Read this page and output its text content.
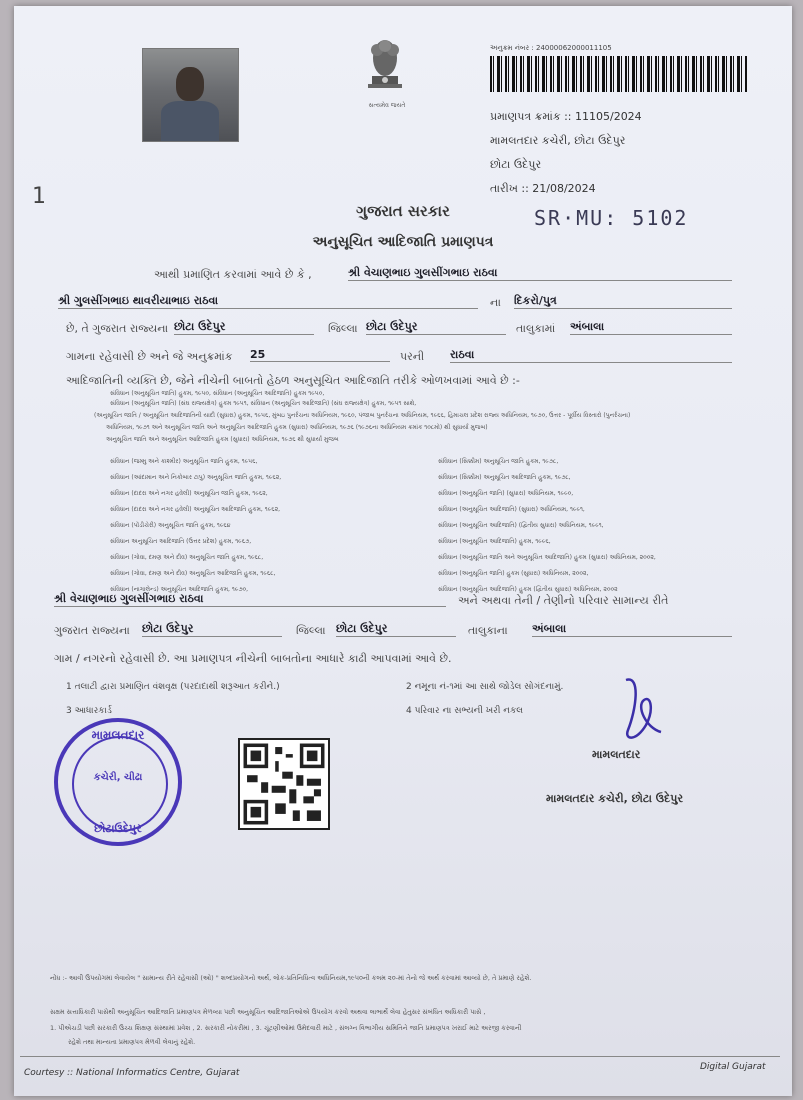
સત્યમેવ જયતે
અનુક્રમ નંબર : 24000062000011105
પ્રમાણપત્ર ક્રમાંક :: 11105/2024
મામલતદાર કચેરી, છોટા ઉદેપુર
છોટા ઉદેપુર
તારીખ :: 21/08/2024
SR·MU: 5102
1
ગુજરાત સરકાર
અનુસૂચિત આદિજાતિ પ્રમાણપત્ર
આથી પ્રમાણિત કરવામાં આવે છે કે ,	શ્રી વેચાણભાઇ ગુલસીંગભાઇ રાઠવા
શ્રી ગુલસીંગભાઇ થાવરીયાભાઇ રાઠવા	ના દિકરો/પુત્ર
છે, તે ગુજરાત રાજ્યના છોટા ઉદેપુર	જિલ્લા છોટા ઉદેપુર	તાલુકામાં અંબાલા
ગામના રહેવાસી છે અને જે અનુક્રમાંક 25	પરની રાઠવા
આદિજાતિની વ્યક્તિ છે, જેને નીચેની બાબતો હેઠળ અનુસૂચિત આદિજાતિ તરીકે ઓળખવામાં આવે છે :-
સંવિધાન (અનુસૂચિત જાતિ) હુકમ, ૧૯૫૦, સંવિધાન (અનુસૂચિત આદિજાતિ) હુકમ ૧૯૫૦,
સંવિધાન (અનુસૂચિત જાતિ) (સંઘ રાજ્યક્ષેત્ર) હુકમ ૧૯૫૧, સંવિધાન (અનુસૂચિત આદિજાતિ) (સંઘ રાજ્યક્ષેત્ર) હુકમ, ૧૯૫૧ સાથે,
(અનુસૂચિત જાતિ / અનુસૂચિત આદિજાતિની યાદી (સુધારા) હુકમ, ૧૯૫૬, મુંબઇ પુનર્રચના અધિનિયમ, ૧૯૬૦, પંજાબ પુનર્રચના અધિનિયમ, ૧૯૬૬, હિમાચલ પ્રદેશ રાજ્ય અધિનિયમ, ૧૯૭૦, ઉત્તર - પૂર્વીય વિસ્તારો (પુનર્રચના)
અધિનિયમ, ૧૯૭૧ અને અનુસૂચિત જાતિ અને અનુસૂચિત આદિજાતિ હુકમ (સુધારા) અધિનિયમ, ૧૯૭૬ (૧૯૭૬ના અધિનિયમ ક્રમાંક ૧૦૮મો) થી સુધાર્યા મુજબ)
અનુસૂચિત જાતિ અને અનુસૂચિત આદિજાતિ હુકમ (સુધારા) અધિનિયમ, ૧૯૭૬ થી સુધાર્યા મુજબ
સંવિધાન (જમ્મુ અને કાશ્મીર) અનુસૂચિત જાતિ હુકમ, ૧૯૫૬,
સંવિધાન (આંદામાન અને નિકોબાર ટાપુ) અનુસૂચિત જાતિ હુકમ, ૧૯૬૨,
સંવિધાન (દાદરા અને નગર હવેલી) અનુસૂચિત જાતિ હુકમ, ૧૯૬૨,
સંવિધાન (દાદરા અને નગર હવેલી) અનુસૂચિત આદિજાતિ હુકમ, ૧૯૬૨,
સંવિધાન (પોંડીચેરી) અનુસૂચિત જાતિ હુકમ, ૧૯૬૪
સંવિધાન અનુસૂચિત આદિજાતિ (ઉત્તર પ્રદેશ) હુકમ, ૧૯૬૭,
સંવિધાન (ગોવા, દમણ અને દીવ) અનુસૂચિત જાતિ હુકમ, ૧૯૬૮,
સંવિધાન (ગોવા, દમણ અને દીવ) અનુસૂચિત આદિજાતિ હુકમ, ૧૯૬૮,
સંવિધાન (નાગાલેન્ડ) અનુસૂચિત આદિજાતિ હુકમ, ૧૯૭૦,
સંવિધાન (સિક્કીમ) અનુસૂચિત જાતિ હુકમ, ૧૯૭૮,
સંવિધાન (સિક્કીમ) અનુસૂચિત આદિજાતિ હુકમ, ૧૯૭૮,
સંવિધાન (અનુસૂચિત જાતિ) (સુધારા) અધિનિયમ, ૧૯૯૦,
સંવિધાન (અનુસૂચિત આદિજાતિ) (સુધારા) અધિનિયમ, ૧૯૯૧,
સંવિધાન (અનુસૂચિત આદિજાતિ) (દ્વિતીય સુધારા) અધિનિયમ, ૧૯૯૧,
સંવિધાન (અનુસૂચિત આદિજાતિ) હુકમ, ૧૯૯૬,
સંવિધાન (અનુસૂચિત જાતિ અને અનુસૂચિત આદિજાતિ) હુકમ (સુધારા) અધિનિયમ, ૨૦૦૨,
સંવિધાન (અનુસૂચિત જાતિ) હુકમ (સુધારા) અધિનિયમ, ૨૦૦૨,
સંવિધાન (અનુસૂચિત આદિજાતિ) હુકમ (દ્વિતીય સુધારા) અધિનિયમ, ૨૦૦૨
શ્રી વેચાણભાઇ ગુલસીંગભાઇ રાઠવા	અને અથવા તેની / તેણીનો પરિવાર સામાન્ય રીતે
ગુજરાત રાજ્યના છોટા ઉદેપુર	જિલ્લા છોટા ઉદેપુર	તાલુકાના અંબાલા
ગામ / નગરનો રહેવાસી છે. આ પ્રમાણપત્ર નીચેની બાબતોના આધારે કાઢી આપવામાં આવે છે.
1 તલાટી દ્વારા પ્રમાણિત વંશવૃક્ષ (પરદાદાથી શરૂઆત કરીને.)	2 નમૂના નં-૧માં આ સાથે જોડેલ સોગંદનામું.
3 આધારકાર્ડ	4 પરિવાર ના સભ્યની ખરી નકલ
મામલતદાર
કચેરી, ચીઢા
છોટાઉદેપુર
મામલતદાર
મામલતદાર કચેરી, છોટા ઉદેપુર
નોંધ :- આવી ઉપયોગમાં લેવાયેલ " સામાન્ય રીતે રહેવાસી (ઓ) " શબ્દપ્રયોગનો અર્થ, લોક-પ્રતિનિધિત્વ અધિનિયમ,૧૯૫૦ની કલમ ૨૦-માં તેનો જે અર્થ કરવામાં આવ્યો છે, તે પ્રમાણે રહેશે.
સક્ષમ સત્તાધિકારી પાસેથી અનુસૂચિત આદિજાતિ પ્રમાણપત્ર મેળવ્યા પછી અનુસૂચિત આદિજાતિઓએ ઉપયોગ કરવો અથવા લાભાર્થે લેવા હેતુસર સંબંધિત અધિકારી પાસે ,
1. પીએચડી પછી સરકારી ઉચ્ચ શિક્ષણ સંસ્થામાં પ્રવેશ , 2. સરકારી નોકરીમાં , 3. ચૂંટણીઓમાં ઉમેદવારી માટે , સંલગ્ન વિભાગીય સમિતિને જાતિ પ્રમાણપત્ર ખરાઈ માટે અરજી કરવાની
રહેશે તથા માન્યતા પ્રમાણપત્ર મેળવી લેવાનું રહેશે.
Courtesy :: National Informatics Centre, Gujarat
Digital Gujarat
